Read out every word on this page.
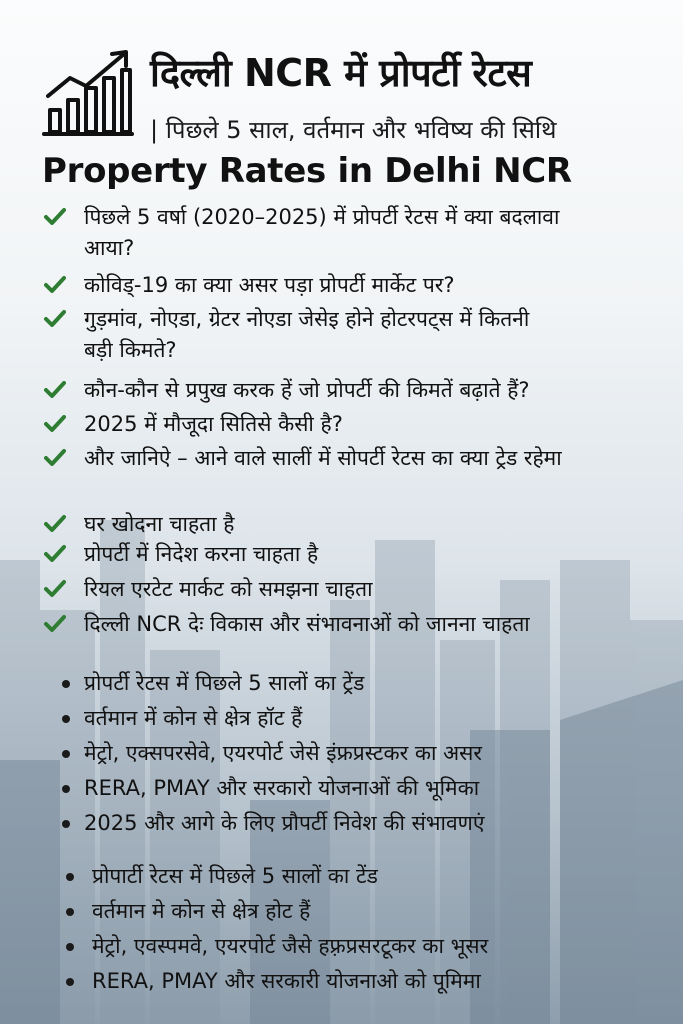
दिल्ली NCR में प्रोपर्टी रेटस
| पिछले 5 साल, वर्तमान और भविष्य की सिथि
Property Rates in Delhi NCR
पिछले 5 वर्षा (2020–2025) में प्रोपर्टी रेटस में क्या बदलावा
आया?
कोविड्-19 का क्या असर पड़ा प्रोपर्टी मार्केट पर?
गुड़मांव, नोएडा, ग्रेटर नोएडा जेसेइ होने होटरपट्स में कितनी
बड़ी किमते?
कौन-कौन से प्रपुख करक हें जो प्रोपर्टी की किमतें बढ़ाते हैं?
2025 में मौजूदा सितिसे कैसी है?
और जानिऐ – आने वाले सालीं में सोपर्टी रेटस का क्या ट्रेड रहेमा
घर खोदना चाहता है
प्रोपर्टी में निदेश करना चाहता है
रियल एरटेट मार्कट को समझना चाहता
दिल्ली NCR देः विकास और संभावनाओं को जानना चाहता
प्रोपर्टी रेटस में पिछले 5 सालों का ट्रेंड
वर्तमान में कोन से क्षेत्र हॉट हैं
मेट्रो, एक्सपरसेवे, एयरपोर्ट जेसे इंफ्रप्रस्टकर का असर
RERA, PMAY और सरकारो योजनाओं की भूमिका
2025 और आगे के लिए प्रौपर्टी निवेश की संभावणएं
प्रोपार्टी रेटस में पिछले 5 सालों का टेंड
वर्तमान मे कोन से क्षेत्र होट हैं
मेट्रो, एवस्पमवे, एयरपोर्ट जैसे हफ़्रप्रसरटूकर का भूसर
RERA, PMAY और सरकारी योजनाओ को पूमिमा
